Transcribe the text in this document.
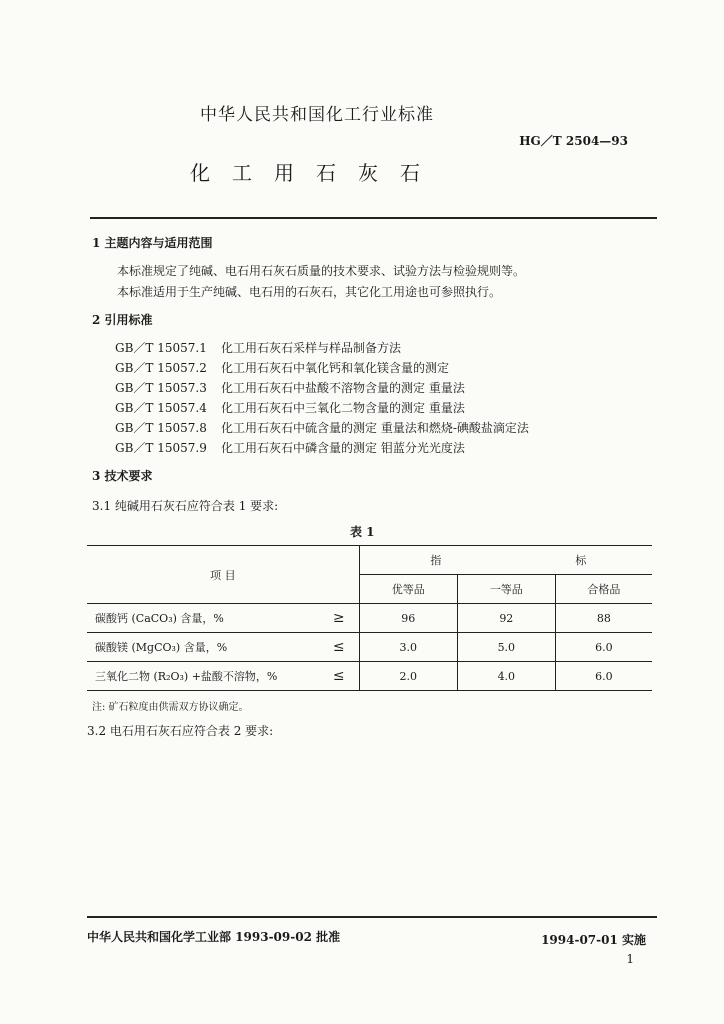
中华人民共和国化工行业标准
HG／T 2504—93
化工用石灰石
1 主题内容与适用范围
本标准规定了纯碱、电石用石灰石质量的技术要求、试验方法与检验规则等。
本标准适用于生产纯碱、电石用的石灰石，其它化工用途也可参照执行。
2 引用标准
GB／T 15057.1 化工用石灰石采样与样品制备方法
GB／T 15057.2 化工用石灰石中氧化钙和氧化镁含量的测定
GB／T 15057.3 化工用石灰石中盐酸不溶物含量的测定 重量法
GB／T 15057.4 化工用石灰石中三氧化二物含量的测定 重量法
GB／T 15057.8 化工用石灰石中硫含量的测定 重量法和燃烧-碘酸盐滴定法
GB／T 15057.9 化工用石灰石中磷含量的测定 钼蓝分光光度法
3 技术要求
3.1 纯碱用石灰石应符合表 1 要求:
表 1
项 目		指 标		
		优等品	一等品	合格品
碳酸钙 (CaCO₃) 含量，%	≥	96	92	88
碳酸镁 (MgCO₃) 含量，%	≤	3.0	5.0	6.0
三氧化二物 (R₂O₃) +盐酸不溶物，%	≤	2.0	4.0	6.0
注: 矿石粒度由供需双方协议确定。
3.2 电石用石灰石应符合表 2 要求:
中华人民共和国化学工业部 1993-09-02 批准	1994-07-01 实施
1
